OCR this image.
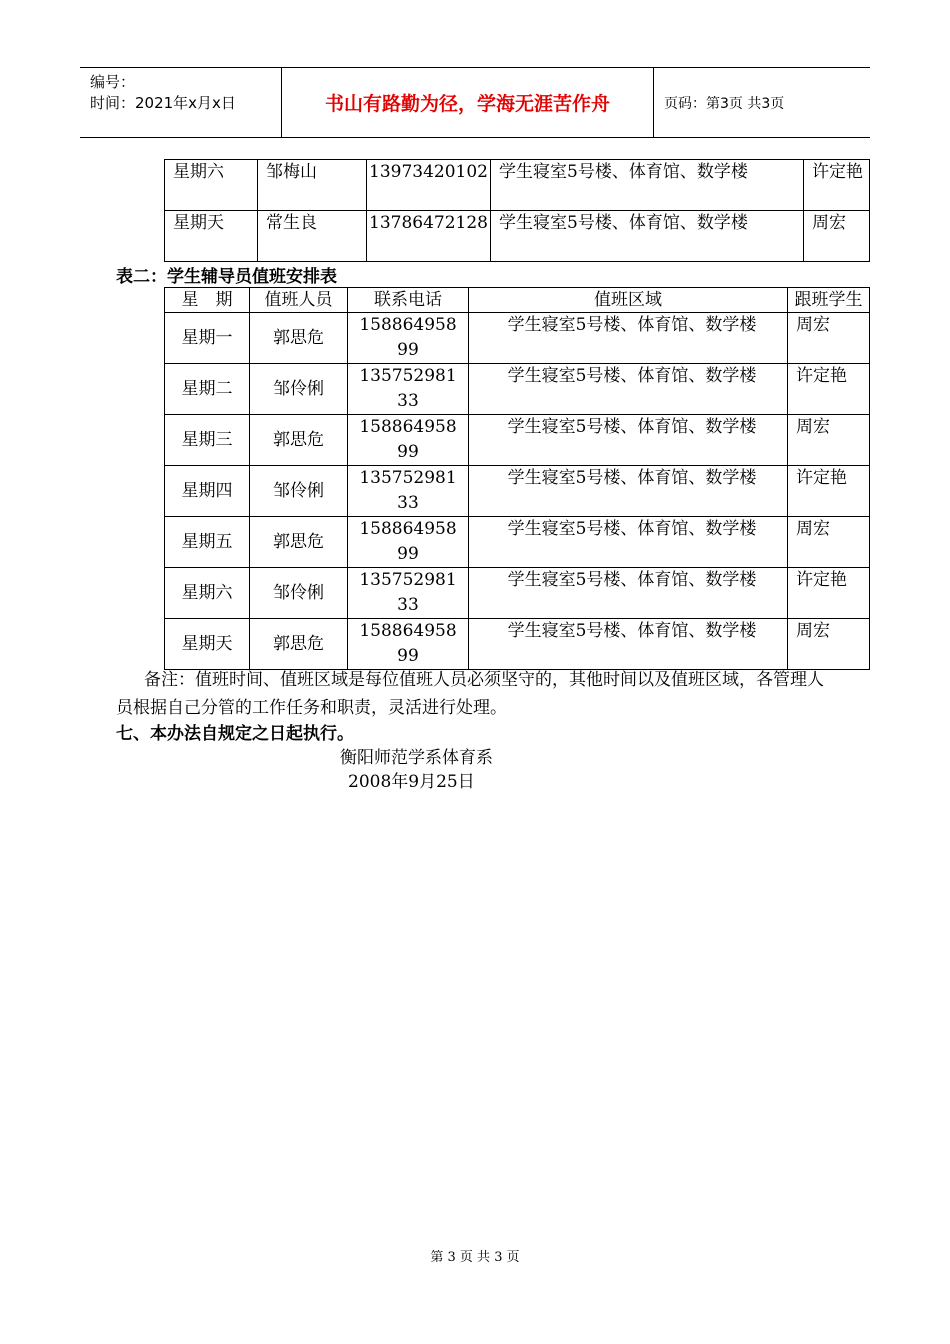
编号：
时间：2021年x月x日	书山有路勤为径，学海无涯苦作舟	页码：第3页 共3页
星期六	邹梅山	13973420102	学生寝室5号楼、体育馆、数学楼	许定艳
星期天	常生良	13786472128	学生寝室5号楼、体育馆、数学楼	周宏
表二：学生辅导员值班安排表
星　期	值班人员	联系电话	值班区域	跟班学生
星期一	郭思危	15886495899	学生寝室5号楼、体育馆、数学楼	周宏
星期二	邹伶俐	13575298133	学生寝室5号楼、体育馆、数学楼	许定艳
星期三	郭思危	15886495899	学生寝室5号楼、体育馆、数学楼	周宏
星期四	邹伶俐	13575298133	学生寝室5号楼、体育馆、数学楼	许定艳
星期五	郭思危	15886495899	学生寝室5号楼、体育馆、数学楼	周宏
星期六	邹伶俐	13575298133	学生寝室5号楼、体育馆、数学楼	许定艳
星期天	郭思危	15886495899	学生寝室5号楼、体育馆、数学楼	周宏
备注：值班时间、值班区域是每位值班人员必须坚守的，其他时间以及值班区域，各管理人员根据自己分管的工作任务和职责，灵活进行处理。
七、本办法自规定之日起执行。
衡阳师范学系体育系
2008年9月25日
第 3 页 共 3 页
